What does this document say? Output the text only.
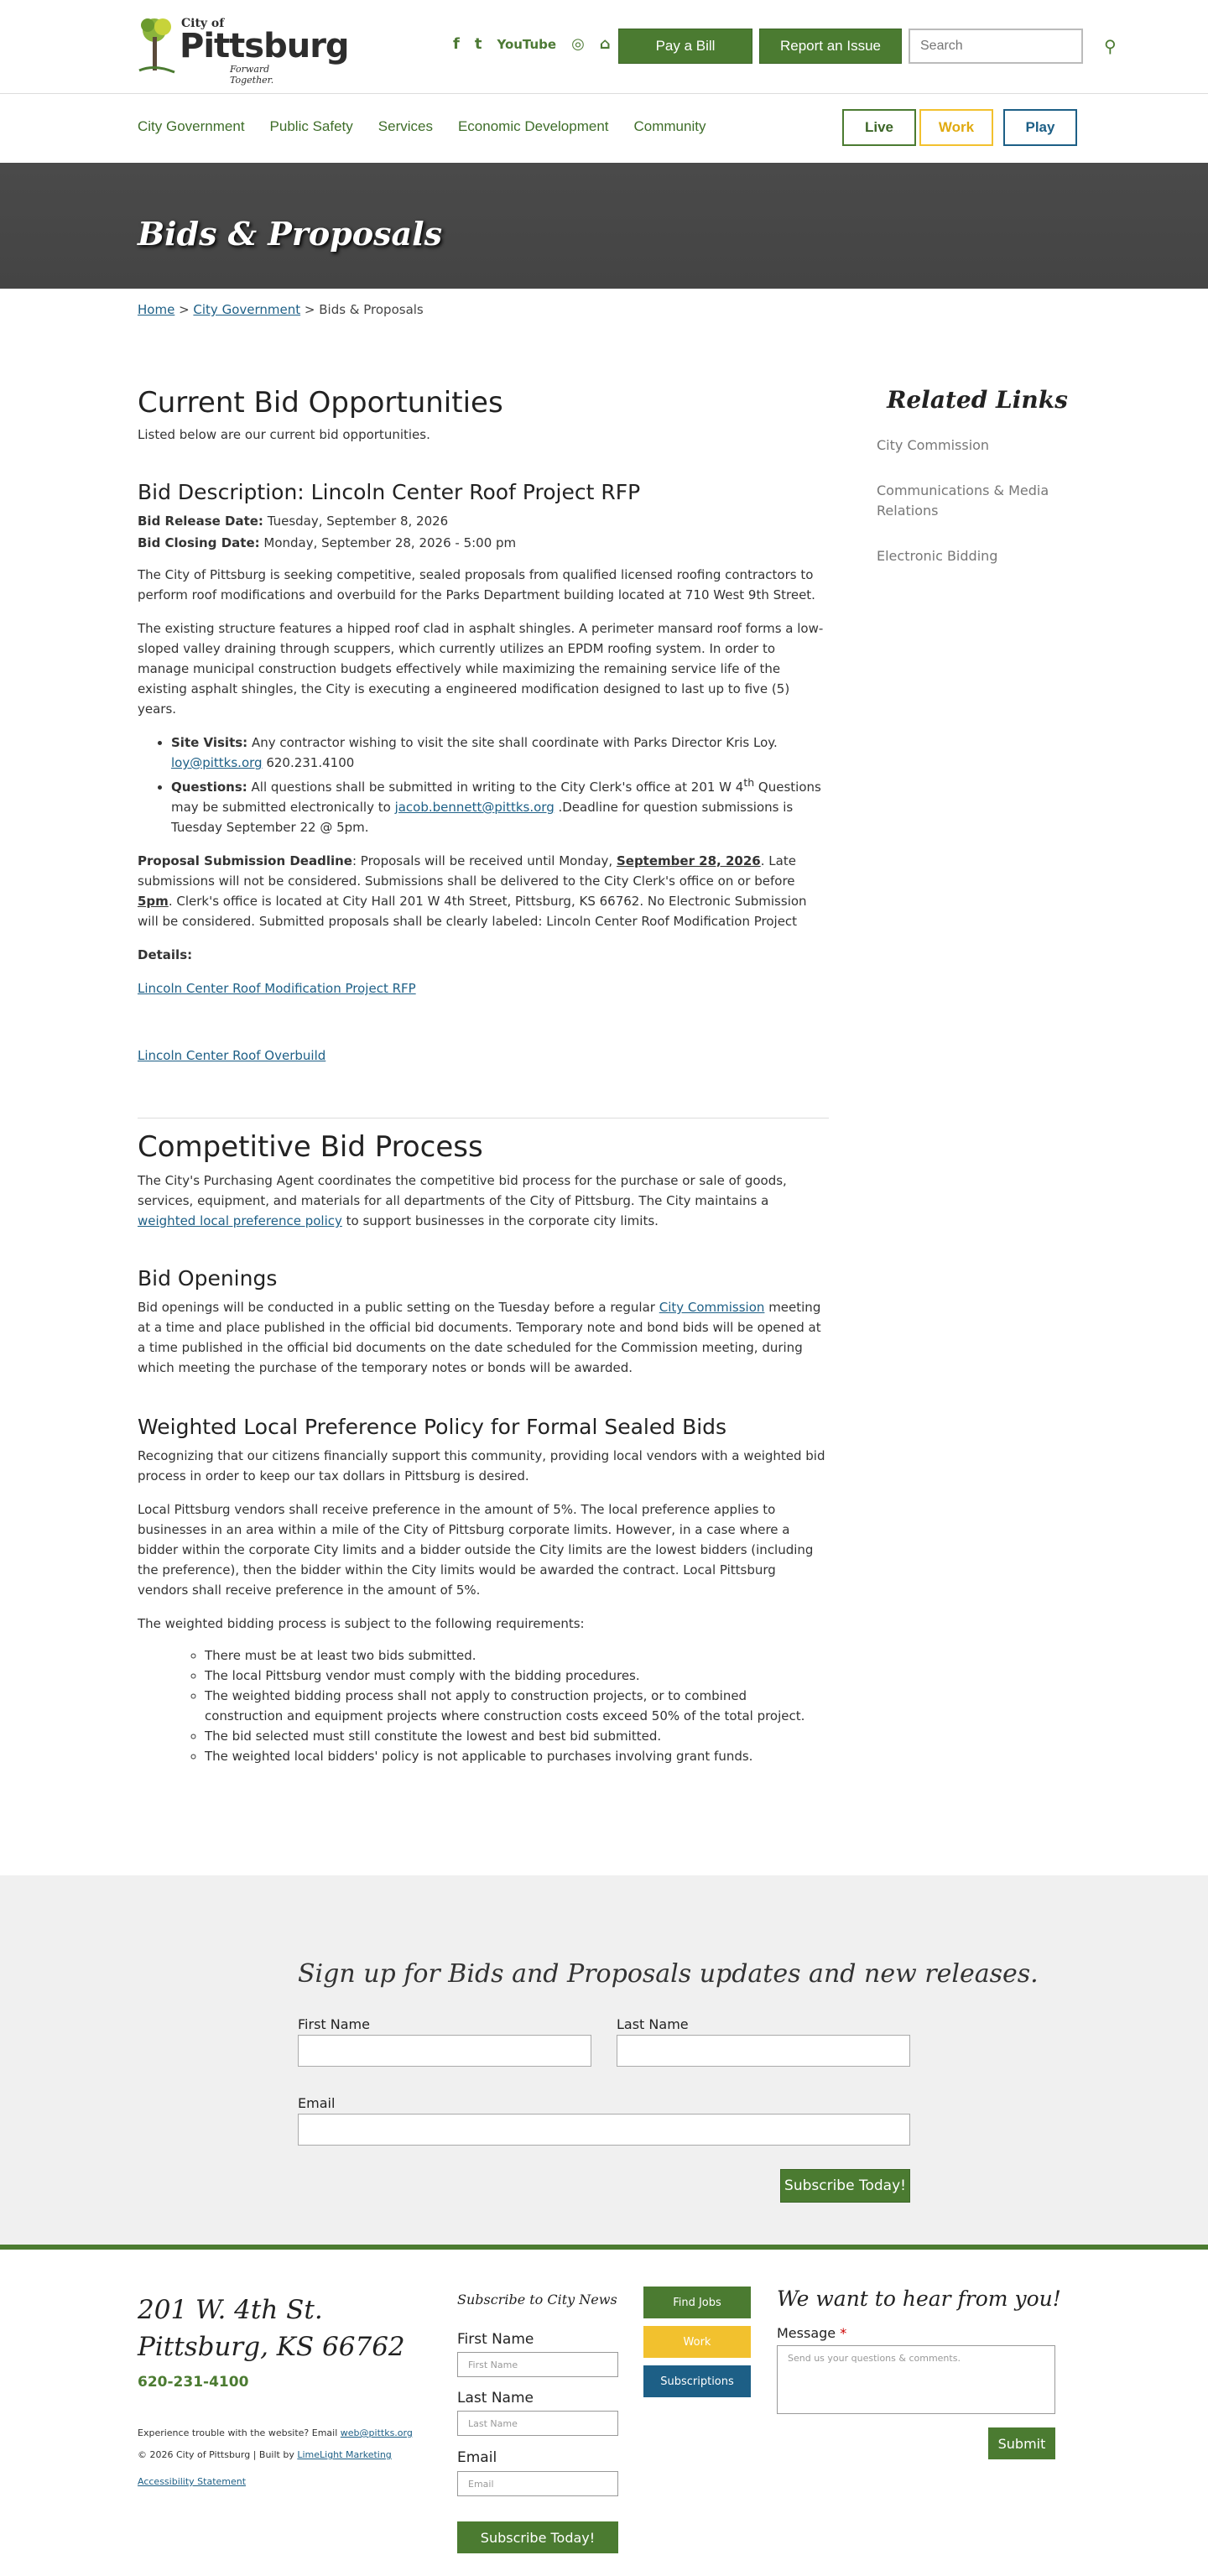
City of
Pittsburg
Forward Together.
f t YouTube ◎ ⌂	Pay a Bill	Report an Issue
Search	⚲
City Government Public Safety Services Economic Development Community	Live	Work	Play
Bids & Proposals
Home > City Government > Bids & Proposals
Current Bid Opportunities

Listed below are our current bid opportunities.

Bid Description: Lincoln Center Roof Project RFP

Bid Release Date: Tuesday, September 8, 2026

Bid Closing Date: Monday, September 28, 2026 - 5:00 pm

The City of Pittsburg is seeking competitive, sealed proposals from qualified licensed roofing contractors to perform roof modifications and overbuild for the Parks Department building located at 710 West 9th Street.

The existing structure features a hipped roof clad in asphalt shingles. A perimeter mansard roof forms a low-sloped valley draining through scuppers, which currently utilizes an EPDM roofing system. In order to manage municipal construction budgets effectively while maximizing the remaining service life of the existing asphalt shingles, the City is executing a engineered modification designed to last up to five (5) years.

• Site Visits: Any contractor wishing to visit the site shall coordinate with Parks Director Kris Loy.
loy@pittks.org 620.231.4100
• Questions: All questions shall be submitted in writing to the City Clerk's office at 201 W 4th Questions may be submitted electronically to jacob.bennett@pittks.org .Deadline for question submissions is Tuesday September 22 @ 5pm.

Proposal Submission Deadline: Proposals will be received until Monday, September 28, 2026. Late submissions will not be considered. Submissions shall be delivered to the City Clerk's office on or before 5pm. Clerk's office is located at City Hall 201 W 4th Street, Pittsburg, KS 66762. No Electronic Submission will be considered. Submitted proposals shall be clearly labeled: Lincoln Center Roof Modification Project

Details:

Lincoln Center Roof Modification Project RFP

Lincoln Center Roof Overbuild

Competitive Bid Process

The City's Purchasing Agent coordinates the competitive bid process for the purchase or sale of goods, services, equipment, and materials for all departments of the City of Pittsburg. The City maintains a weighted local preference policy to support businesses in the corporate city limits.

Bid Openings

Bid openings will be conducted in a public setting on the Tuesday before a regular City Commission meeting at a time and place published in the official bid documents. Temporary note and bond bids will be opened at a time published in the official bid documents on the date scheduled for the Commission meeting, during which meeting the purchase of the temporary notes or bonds will be awarded.

Weighted Local Preference Policy for Formal Sealed Bids

Recognizing that our citizens financially support this community, providing local vendors with a weighted bid process in order to keep our tax dollars in Pittsburg is desired.

Local Pittsburg vendors shall receive preference in the amount of 5%. The local preference applies to businesses in an area within a mile of the City of Pittsburg corporate limits. However, in a case where a bidder within the corporate City limits and a bidder outside the City limits are the lowest bidders (including the preference), then the bidder within the City limits would be awarded the contract. Local Pittsburg vendors shall receive preference in the amount of 5%.

The weighted bidding process is subject to the following requirements:

◦ There must be at least two bids submitted.
◦ The local Pittsburg vendor must comply with the bidding procedures.
◦ The weighted bidding process shall not apply to construction projects, or to combined construction and equipment projects where construction costs exceed 50% of the total project.
◦ The bid selected must still constitute the lowest and best bid submitted.
◦ The weighted local bidders' policy is not applicable to purchases involving grant funds.
Related Links
City Commission
Communications & Media Relations
Electronic Bidding
Sign up for Bids and Proposals updates and new releases.
First Name	Last Name
Email
Subscribe Today!
201 W. 4th St.
Pittsburg, KS 66762
620-231-4100
Experience trouble with the website? Email web@pittks.org
© 2026 City of Pittsburg | Built by LimeLight Marketing
Accessibility Statement
Subscribe to City News
First Name
First Name
Last Name
Last Name
Email
Email
Subscribe Today!
Find Jobs
Work
Subscriptions
We want to hear from you!
Message *
Send us your questions & comments.
Submit
